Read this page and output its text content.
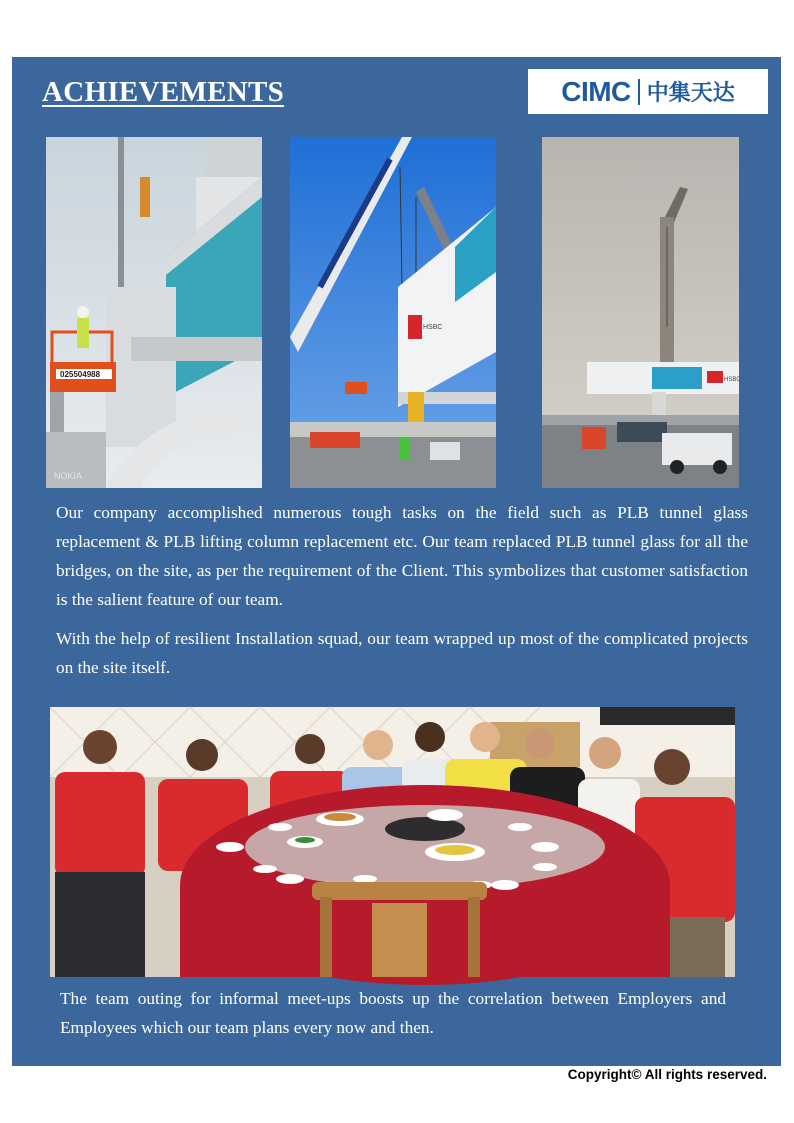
ACHIEVEMENTS	CIMC 中集天达
025504988
NOKIA
HSBC
HSBC

Our company accomplished numerous tough tasks on the field such as PLB tunnel glass replacement & PLB lifting column replacement etc. Our team replaced PLB tunnel glass for all the bridges, on the site, as per the requirement of the Client. This symbolizes that customer satisfaction is the salient feature of our team.

With the help of resilient Installation squad, our team wrapped up most of the complicated projects on the site itself.

The team outing for informal meet-ups boosts up the correlation between Employers and Employees which our team plans every now and then.

Copyright© All rights reserved.
